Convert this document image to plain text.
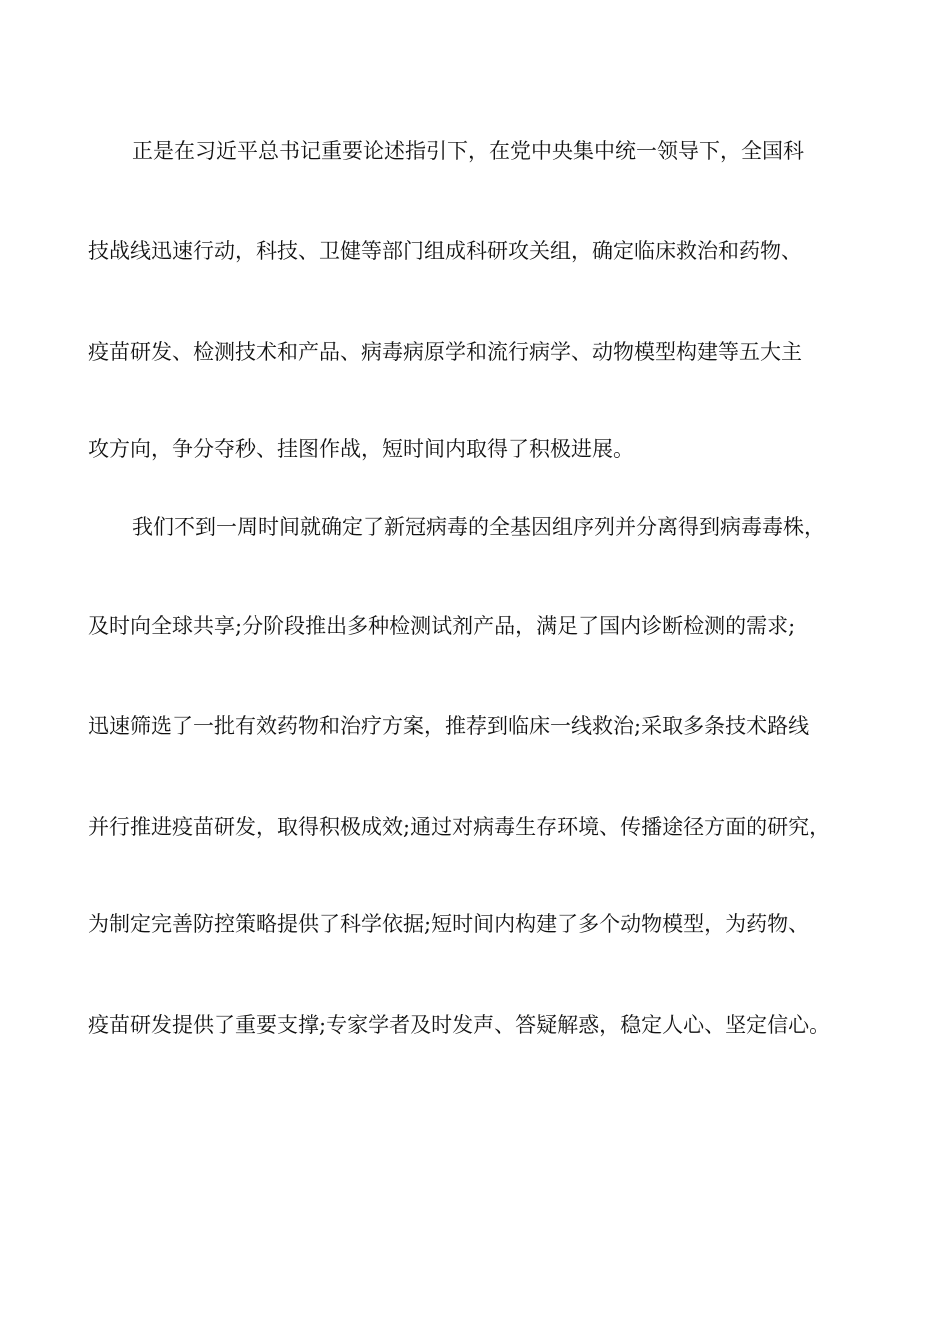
正是在习近平总书记重要论述指引下，在党中央集中统一领导下，全国科
技战线迅速行动，科技、卫健等部门组成科研攻关组，确定临床救治和药物、
疫苗研发、检测技术和产品、病毒病原学和流行病学、动物模型构建等五大主
攻方向，争分夺秒、挂图作战，短时间内取得了积极进展。
我们不到一周时间就确定了新冠病毒的全基因组序列并分离得到病毒毒株，
及时向全球共享;分阶段推出多种检测试剂产品，满足了国内诊断检测的需求;
迅速筛选了一批有效药物和治疗方案，推荐到临床一线救治;采取多条技术路线
并行推进疫苗研发，取得积极成效;通过对病毒生存环境、传播途径方面的研究，
为制定完善防控策略提供了科学依据;短时间内构建了多个动物模型，为药物、
疫苗研发提供了重要支撑;专家学者及时发声、答疑解惑，稳定人心、坚定信心。
